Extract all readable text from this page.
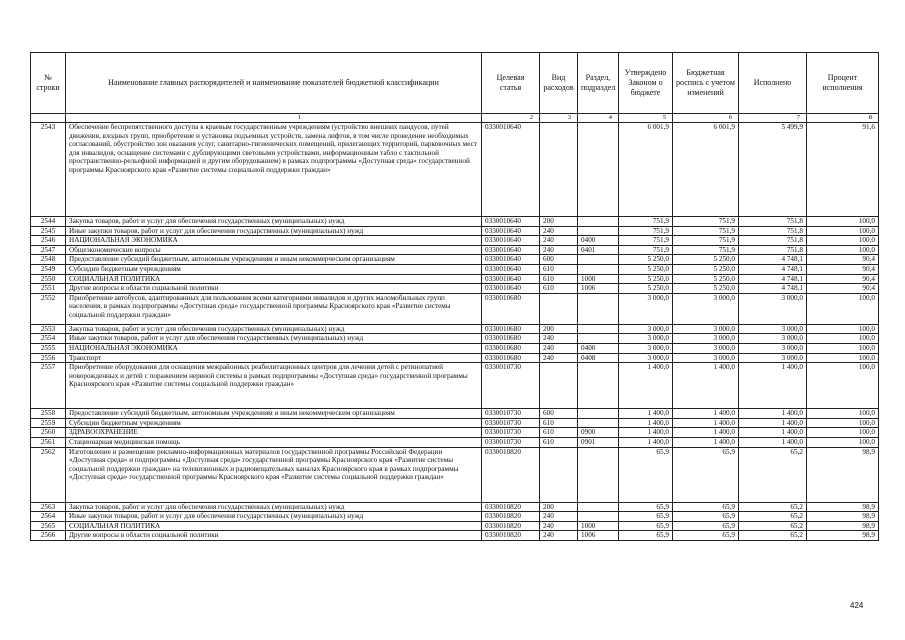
№ строки	Наименование главных распорядителей и наименование показателей бюджетной классификации	Целевая статья	Вид расходов	Раздел, подраздел	Утверждено Законом о бюджете	Бюджетная роспись с учетом изменений	Исполнено	Процент исполнения
	1	2	3	4	5	6	7	8
2543	Обеспечение беспрепятственного доступа к краевым государственным учреждениям (устройство внешних пандусов, путей движения, входных групп, приобретение и установка подъемных устройств, замена лифтов, в том числе проведение необходимых согласований, обустройство зон оказания услуг, санитарно-гигиенических помещений, прилегающих территорий, парковочных мест для инвалидов, оснащение системами с дублирующими световыми устройствами, информационным табло с тактильной пространственно-рельефной информацией и другим оборудованием) в рамках подпрограммы «Доступная среда» государственной программы Красноярского края «Развитие системы социальной поддержки граждан»	0330010640			6 001,9	6 001,9	5 499,9	91,6
2544	Закупка товаров, работ и услуг для обеспечения государственных (муниципальных) нужд	0330010640	200		751,9	751,9	751,8	100,0
2545	Иные закупки товаров, работ и услуг для обеспечения государственных (муниципальных) нужд	0330010640	240		751,9	751,9	751,8	100,0
2546	НАЦИОНАЛЬНАЯ ЭКОНОМИКА	0330010640	240	0400	751,9	751,9	751,8	100,0
2547	Общеэкономические вопросы	0330010640	240	0401	751,9	751,9	751,8	100,0
2548	Предоставление субсидий бюджетным, автономным учреждениям и иным некоммерческим организациям	0330010640	600		5 250,0	5 250,0	4 748,1	90,4
2549	Субсидии бюджетным учреждениям	0330010640	610		5 250,0	5 250,0	4 748,1	90,4
2550	СОЦИАЛЬНАЯ ПОЛИТИКА	0330010640	610	1000	5 250,0	5 250,0	4 748,1	90,4
2551	Другие вопросы в области социальной политики	0330010640	610	1006	5 250,0	5 250,0	4 748,1	90,4
2552	Приобретение автобусов, адаптированных для пользования всеми категориями инвалидов и других маломобильных групп населения, в рамках подпрограммы «Доступная среда» государственной программы Красноярского края «Развитие системы социальной поддержки граждан»	0330010680			3 000,0	3 000,0	3 000,0	100,0
2553	Закупка товаров, работ и услуг для обеспечения государственных (муниципальных) нужд	0330010680	200		3 000,0	3 000,0	3 000,0	100,0
2554	Иные закупки товаров, работ и услуг для обеспечения государственных (муниципальных) нужд	0330010680	240		3 000,0	3 000,0	3 000,0	100,0
2555	НАЦИОНАЛЬНАЯ ЭКОНОМИКА	0330010680	240	0400	3 000,0	3 000,0	3 000,0	100,0
2556	Транспорт	0330010680	240	0408	3 000,0	3 000,0	3 000,0	100,0
2557	Приобретение оборудования для оснащения межрайонных реабилитационных центров для лечения детей с ретинопатией новорожденных и детей с поражением нервной системы в рамках подпрограммы «Доступная среда» государственной программы Красноярского края «Развитие системы социальной поддержки граждан»	0330010730			1 400,0	1 400,0	1 400,0	100,0
2558	Предоставление субсидий бюджетным, автономным учреждениям и иным некоммерческим организациям	0330010730	600		1 400,0	1 400,0	1 400,0	100,0
2559	Субсидии бюджетным учреждениям	0330010730	610		1 400,0	1 400,0	1 400,0	100,0
2560	ЗДРАВООХРАНЕНИЕ	0330010730	610	0900	1 400,0	1 400,0	1 400,0	100,0
2561	Стационарная медицинская помощь	0330010730	610	0901	1 400,0	1 400,0	1 400,0	100,0
2562	Изготовление и размещение рекламно-информационных материалов государственной программы Российской Федерации «Доступная среда» и подпрограммы «Доступная среда» государственной программы Красноярского края «Развитие системы социальной поддержки граждан» на телевизионных и радиовещательных каналах Красноярского края в рамках подпрограммы «Доступная среда» государственной программы Красноярского края «Развитие системы социальной поддержки граждан»	0330010820			65,9	65,9	65,2	98,9
2563	Закупка товаров, работ и услуг для обеспечения государственных (муниципальных) нужд	0330010820	200		65,9	65,9	65,2	98,9
2564	Иные закупки товаров, работ и услуг для обеспечения государственных (муниципальных) нужд	0330010820	240		65,9	65,9	65,2	98,9
2565	СОЦИАЛЬНАЯ ПОЛИТИКА	0330010820	240	1000	65,9	65,9	65,2	98,9
2566	Другие вопросы в области социальной политики	0330010820	240	1006	65,9	65,9	65,2	98,9
424
